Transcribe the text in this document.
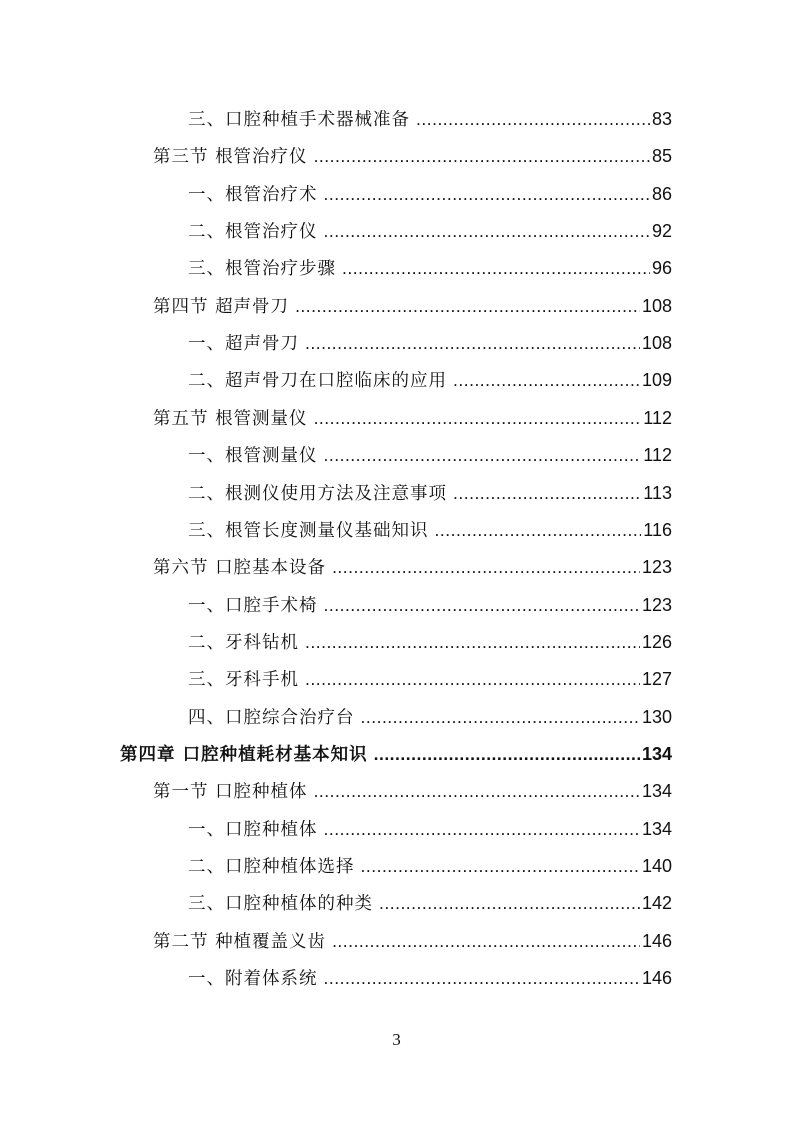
三、口腔种植手术器械准备 .....	83
第三节 根管治疗仪 .....	85
一、根管治疗术 .....	86
二、根管治疗仪 .....	92
三、根管治疗步骤 .....	96
第四节 超声骨刀 .....	108
一、超声骨刀 .....	108
二、超声骨刀在口腔临床的应用 .....	109
第五节 根管测量仪 .....	112
一、根管测量仪 .....	112
二、根测仪使用方法及注意事项 .....	113
三、根管长度测量仪基础知识 .....	116
第六节 口腔基本设备 .....	123
一、口腔手术椅 .....	123
二、牙科钻机 .....	126
三、牙科手机 .....	127
四、口腔综合治疗台 .....	130
第四章 口腔种植耗材基本知识 .....	134
第一节 口腔种植体 .....	134
一、口腔种植体 .....	134
二、口腔种植体选择 .....	140
三、口腔种植体的种类 .....	142
第二节 种植覆盖义齿 .....	146
一、附着体系统 .....	146
3
